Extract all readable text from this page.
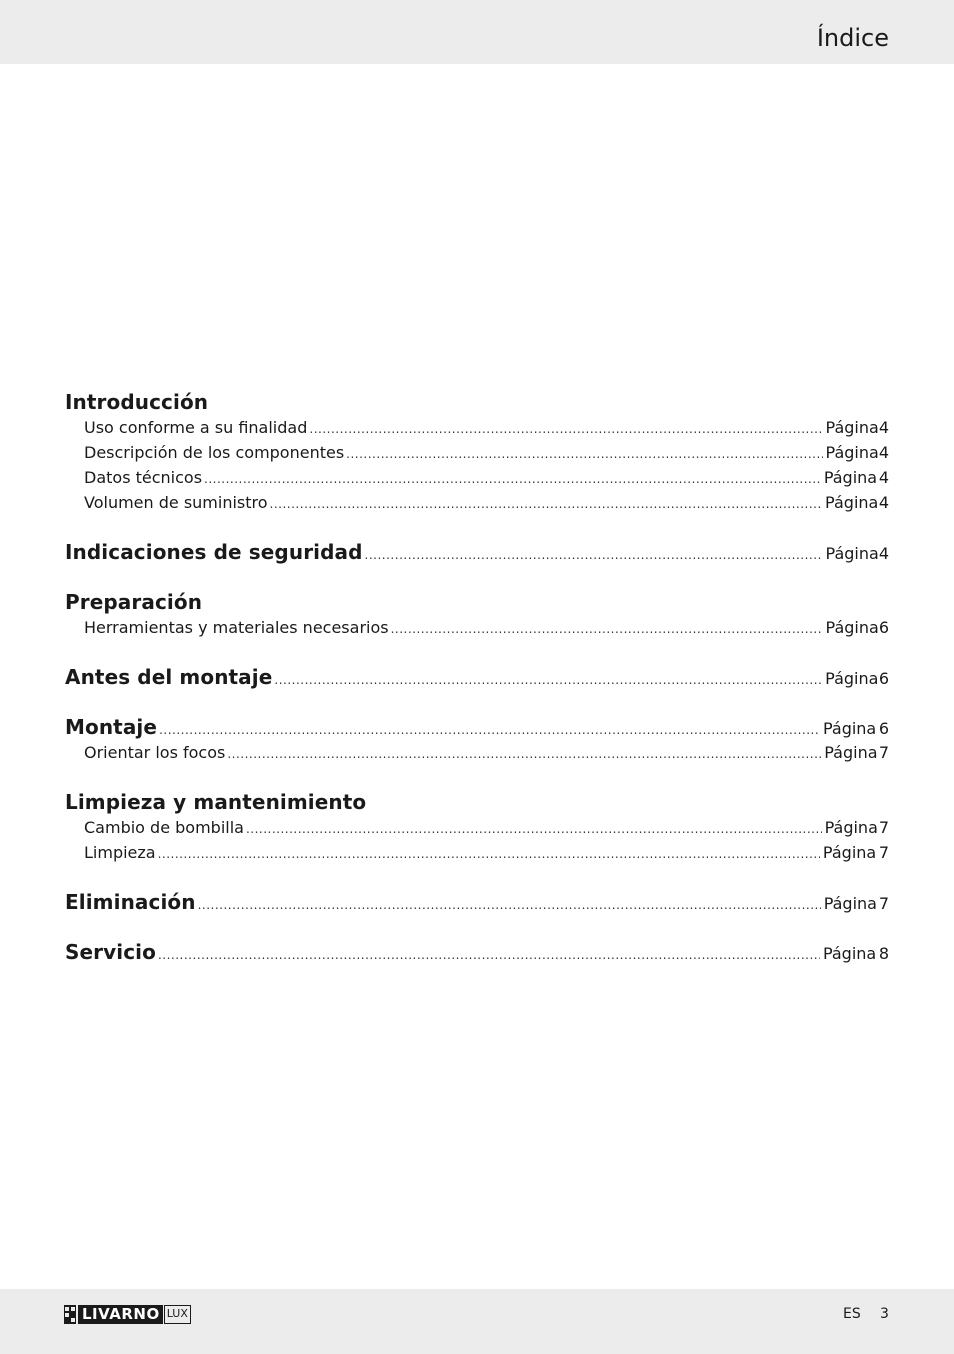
Índice
Introducción
Uso conforme a su finalidad .....	Página 4
Descripción de los componentes .....	Página 4
Datos técnicos .....	Página 4
Volumen de suministro .....	Página 4
Indicaciones de seguridad .....	Página 4
Preparación
Herramientas y materiales necesarios .....	Página 6
Antes del montaje .....	Página 6
Montaje .....	Página 6
Orientar los focos .....	Página 7
Limpieza y mantenimiento
Cambio de bombilla .....	Página 7
Limpieza .....	Página 7
Eliminación .....	Página 7
Servicio .....	Página 8
LIVARNO LUX	ES 3
